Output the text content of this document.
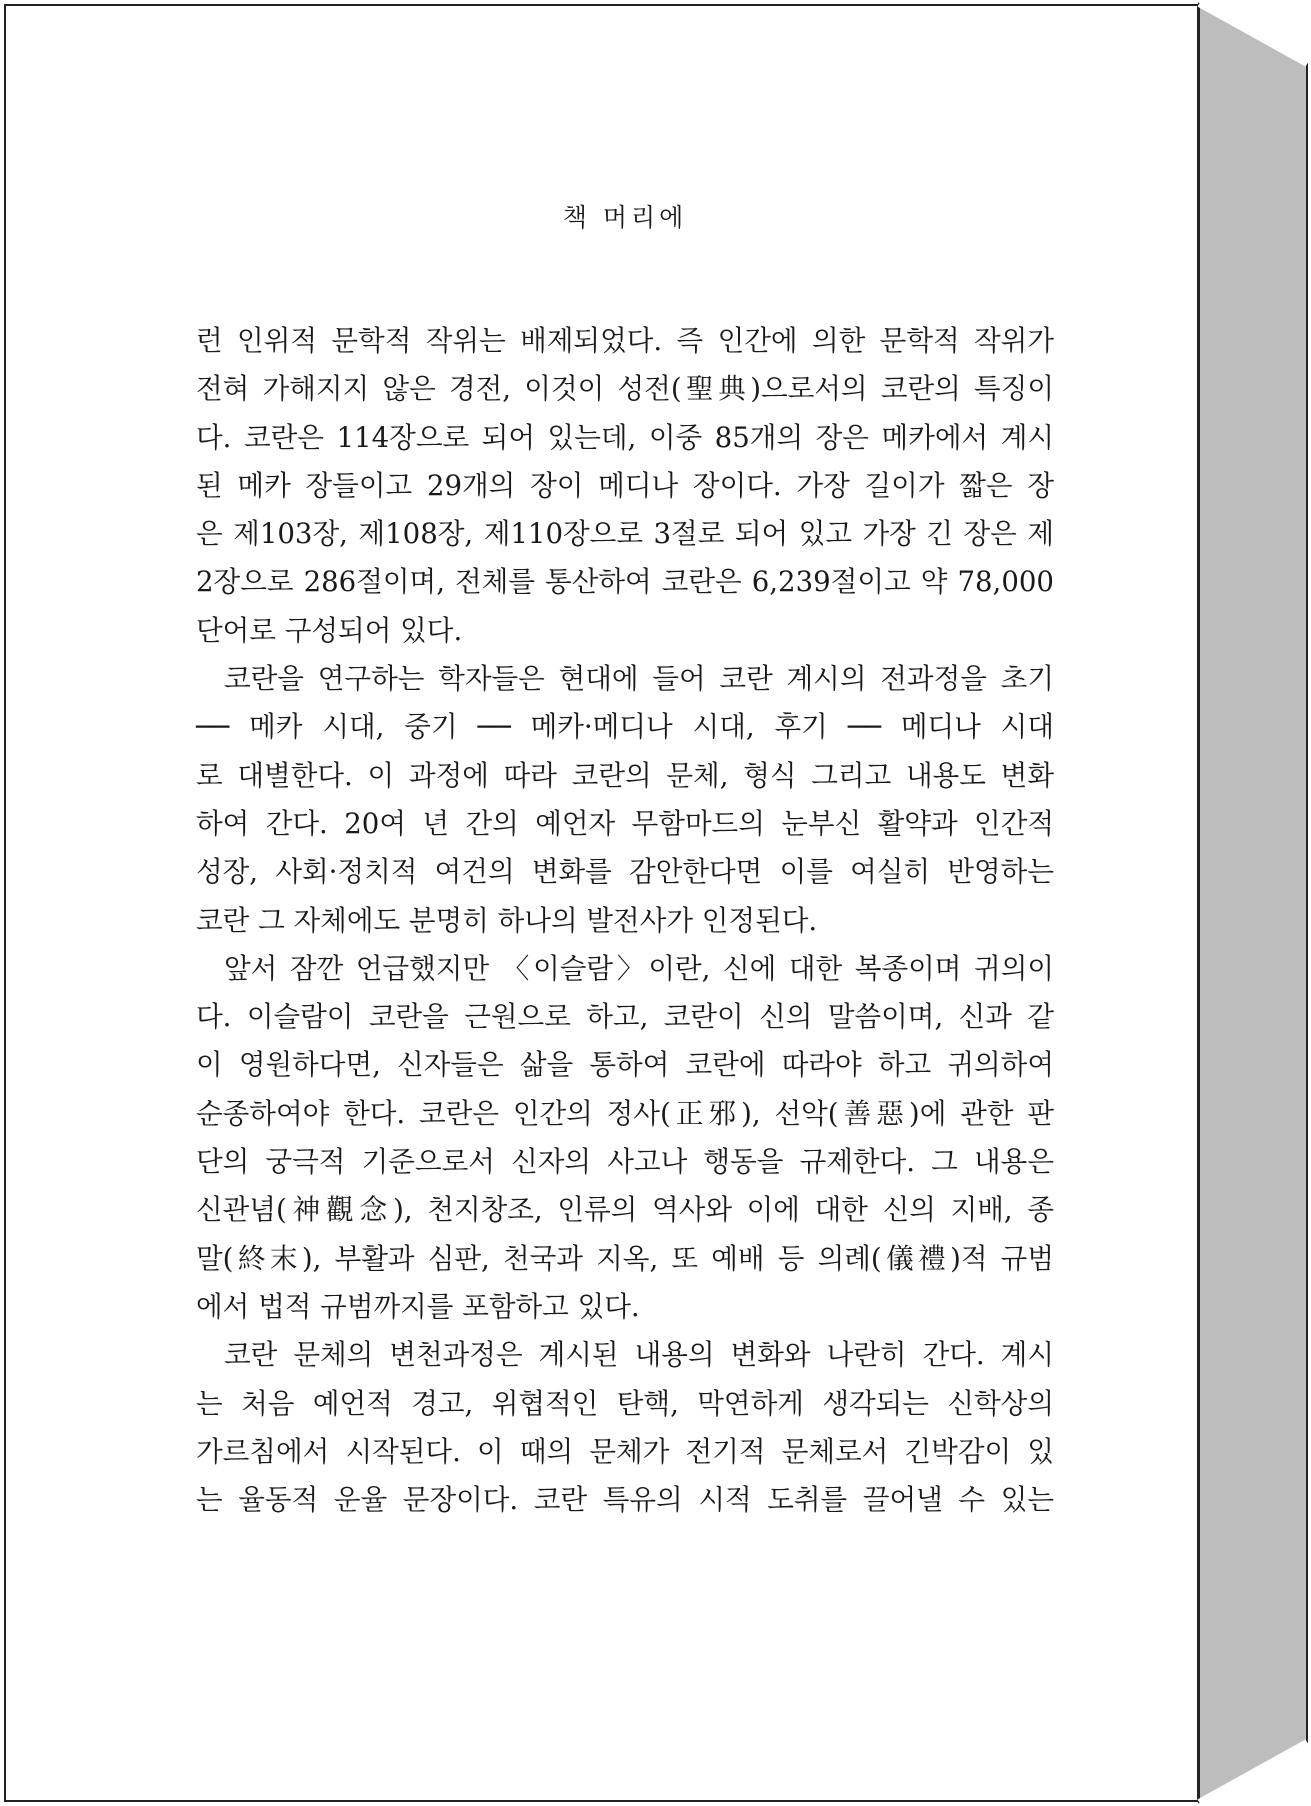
책 머리에
런 인위적 문학적 작위는 배제되었다. 즉 인간에 의한 문학적 작위가
전혀 가해지지 않은 경전, 이것이 성전(聖典)으로서의 코란의 특징이
다. 코란은 114장으로 되어 있는데, 이중 85개의 장은 메카에서 계시
된 메카 장들이고 29개의 장이 메디나 장이다. 가장 길이가 짧은 장
은 제103장, 제108장, 제110장으로 3절로 되어 있고 가장 긴 장은 제
2장으로 286절이며, 전체를 통산하여 코란은 6,239절이고 약 78,000
단어로 구성되어 있다.
코란을 연구하는 학자들은 현대에 들어 코란 계시의 전과정을 초기
── 메카 시대, 중기 ── 메카·메디나 시대, 후기 ── 메디나 시대
로 대별한다. 이 과정에 따라 코란의 문체, 형식 그리고 내용도 변화
하여 간다. 20여 년 간의 예언자 무함마드의 눈부신 활약과 인간적
성장, 사회·정치적 여건의 변화를 감안한다면 이를 여실히 반영하는
코란 그 자체에도 분명히 하나의 발전사가 인정된다.
앞서 잠깐 언급했지만 〈이슬람〉이란, 신에 대한 복종이며 귀의이
다. 이슬람이 코란을 근원으로 하고, 코란이 신의 말씀이며, 신과 같
이 영원하다면, 신자들은 삶을 통하여 코란에 따라야 하고 귀의하여
순종하여야 한다. 코란은 인간의 정사(正邪), 선악(善惡)에 관한 판
단의 궁극적 기준으로서 신자의 사고나 행동을 규제한다. 그 내용은
신관념(神觀念), 천지창조, 인류의 역사와 이에 대한 신의 지배, 종
말(終末), 부활과 심판, 천국과 지옥, 또 예배 등 의례(儀禮)적 규범
에서 법적 규범까지를 포함하고 있다.
코란 문체의 변천과정은 계시된 내용의 변화와 나란히 간다. 계시
는 처음 예언적 경고, 위협적인 탄핵, 막연하게 생각되는 신학상의
가르침에서 시작된다. 이 때의 문체가 전기적 문체로서 긴박감이 있
는 율동적 운율 문장이다. 코란 특유의 시적 도취를 끌어낼 수 있는
